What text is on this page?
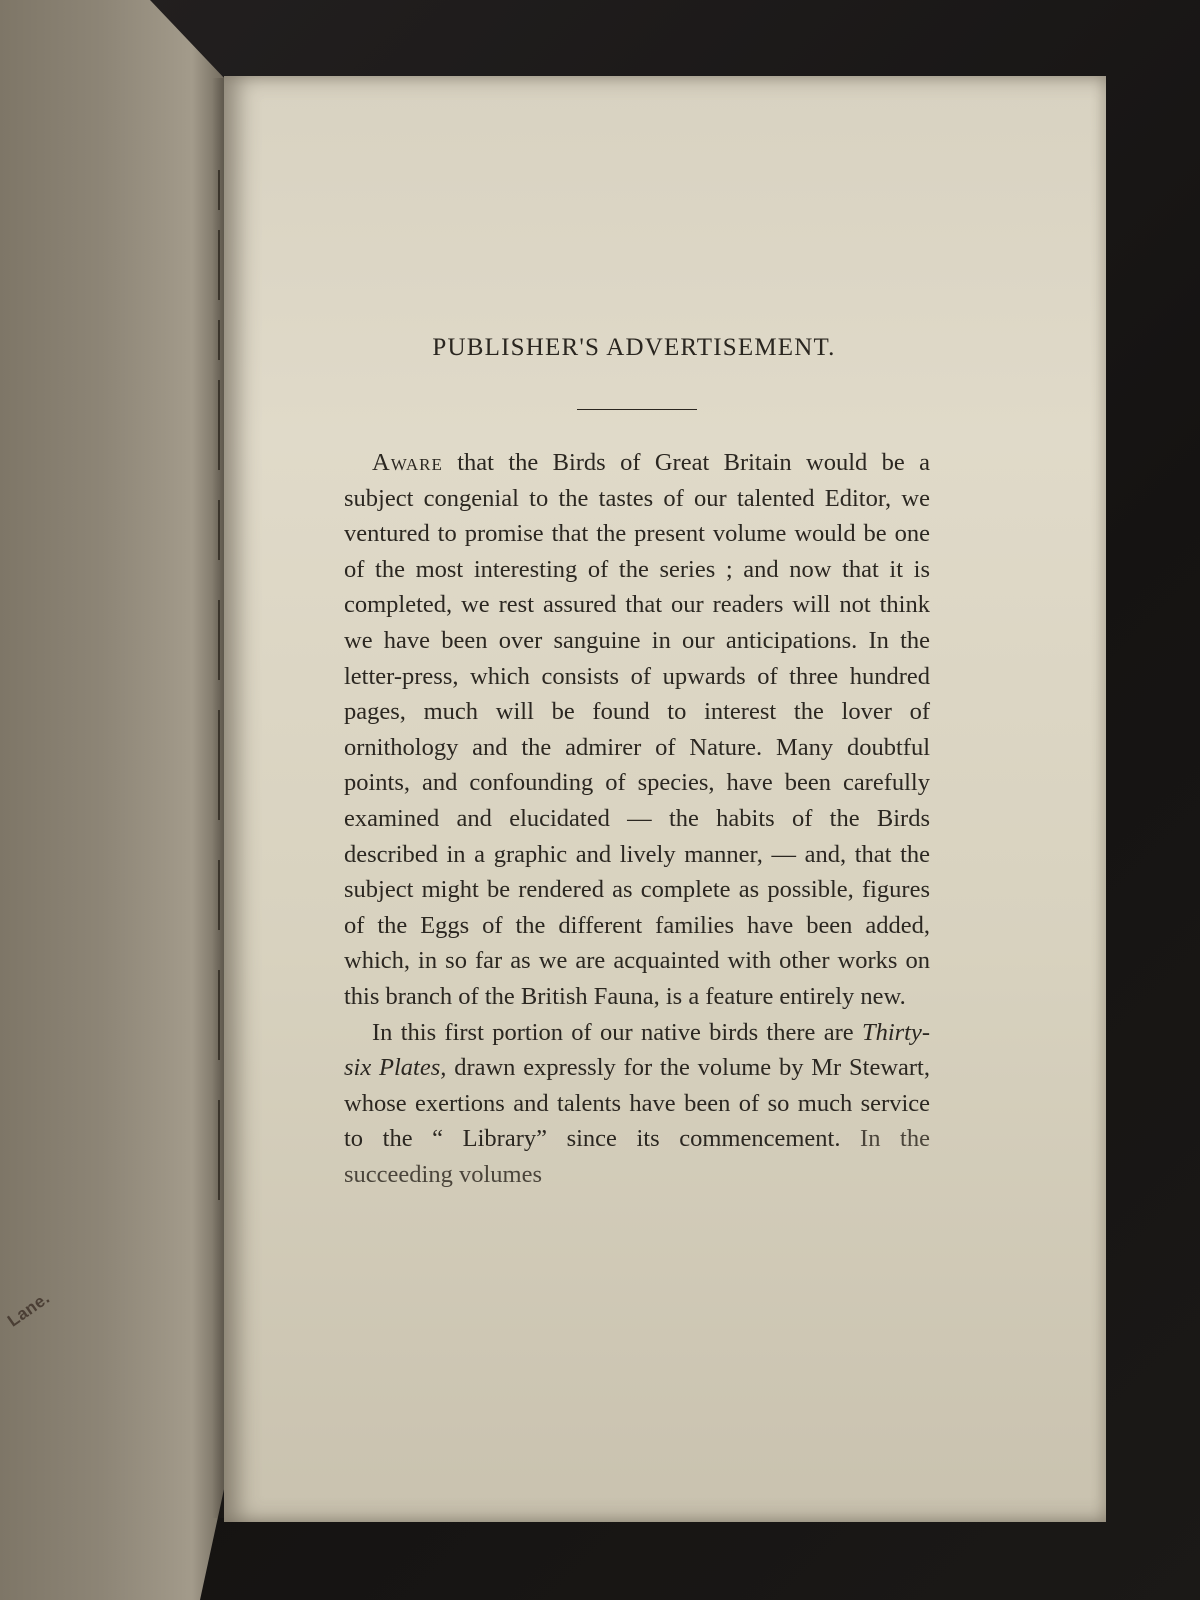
Lane.
PUBLISHER'S ADVERTISEMENT.

Aware that the Birds of Great Britain would be a subject congenial to the tastes of our talented Editor, we ventured to promise that the present volume would be one of the most interesting of the series ; and now that it is completed, we rest assured that our readers will not think we have been over sanguine in our anticipations. In the letter-press, which consists of upwards of three hundred pages, much will be found to interest the lover of ornithology and the admirer of Nature. Many doubtful points, and confounding of species, have been carefully examined and elucidated — the habits of the Birds described in a graphic and lively manner, — and, that the subject might be rendered as complete as possible, figures of the Eggs of the different families have been added, which, in so far as we are acquainted with other works on this branch of the British Fauna, is a feature entirely new.

In this first portion of our native birds there are Thirty-six Plates, drawn expressly for the volume by Mr Stewart, whose exertions and talents have been of so much service to the “ Library” since its commencement. In the succeeding volumes
